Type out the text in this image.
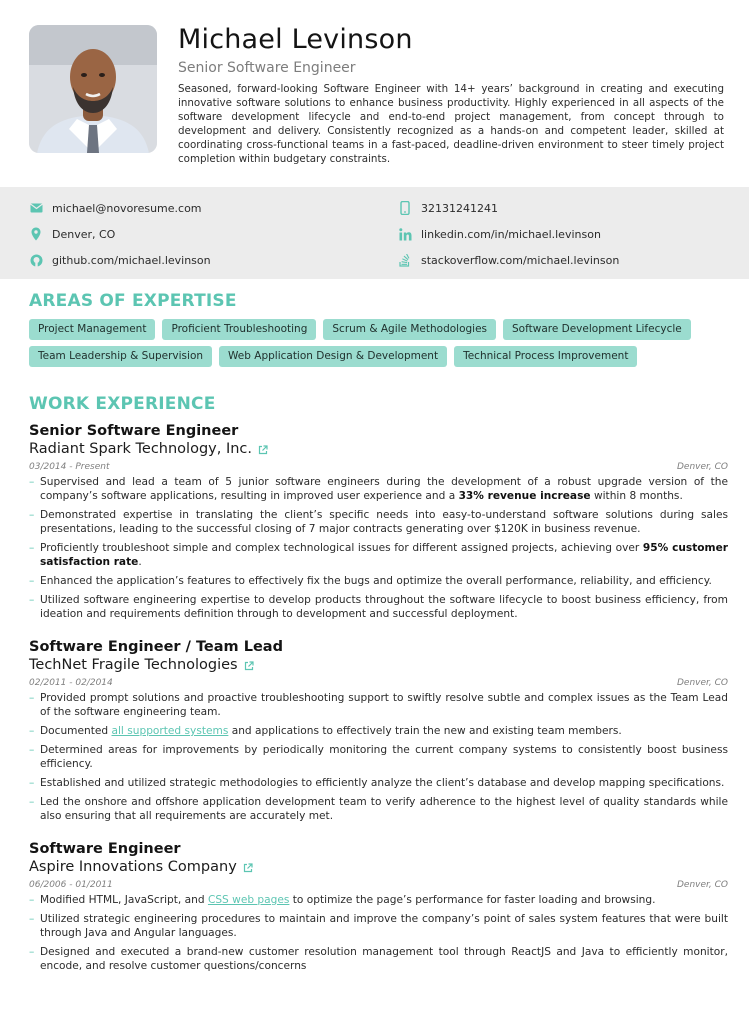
Michael Levinson
Senior Software Engineer
Seasoned, forward-looking Software Engineer with 14+ years’ background in creating and executing innovative software solutions to enhance business productivity. Highly experienced in all aspects of the software development lifecycle and end-to-end project management, from concept through to development and delivery. Consistently recognized as a hands-on and competent leader, skilled at coordinating cross-functional teams in a fast-paced, deadline-driven environment to steer timely project completion within budgetary constraints.
michael@novoresume.com	32131241241
Denver, CO	linkedin.com/in/michael.levinson
github.com/michael.levinson	stackoverflow.com/michael.levinson
AREAS OF EXPERTISE
Project Management	Proficient Troubleshooting	Scrum & Agile Methodologies	Software Development Lifecycle
Team Leadership & Supervision	Web Application Design & Development	Technical Process Improvement
WORK EXPERIENCE
Senior Software Engineer
Radiant Spark Technology, Inc.
03/2014 - Present	Denver, CO
– Supervised and lead a team of 5 junior software engineers during the development of a robust upgrade version of the company’s software applications, resulting in improved user experience and a 33% revenue increase within 8 months.
– Demonstrated expertise in translating the client’s specific needs into easy-to-understand software solutions during sales presentations, leading to the successful closing of 7 major contracts generating over $120K in business revenue.
– Proficiently troubleshoot simple and complex technological issues for different assigned projects, achieving over 95% customer satisfaction rate.
– Enhanced the application’s features to effectively fix the bugs and optimize the overall performance, reliability, and efficiency.
– Utilized software engineering expertise to develop products throughout the software lifecycle to boost business efficiency, from ideation and requirements definition through to development and successful deployment.
Software Engineer / Team Lead
TechNet Fragile Technologies
02/2011 - 02/2014	Denver, CO
– Provided prompt solutions and proactive troubleshooting support to swiftly resolve subtle and complex issues as the Team Lead of the software engineering team.
– Documented all supported systems and applications to effectively train the new and existing team members.
– Determined areas for improvements by periodically monitoring the current company systems to consistently boost business efficiency.
– Established and utilized strategic methodologies to efficiently analyze the client’s database and develop mapping specifications.
– Led the onshore and offshore application development team to verify adherence to the highest level of quality standards while also ensuring that all requirements are accurately met.
Software Engineer
Aspire Innovations Company
06/2006 - 01/2011	Denver, CO
– Modified HTML, JavaScript, and CSS web pages to optimize the page’s performance for faster loading and browsing.
– Utilized strategic engineering procedures to maintain and improve the company’s point of sales system features that were built through Java and Angular languages.
– Designed and executed a brand-new customer resolution management tool through ReactJS and Java to efficiently monitor, encode, and resolve customer questions/concerns
